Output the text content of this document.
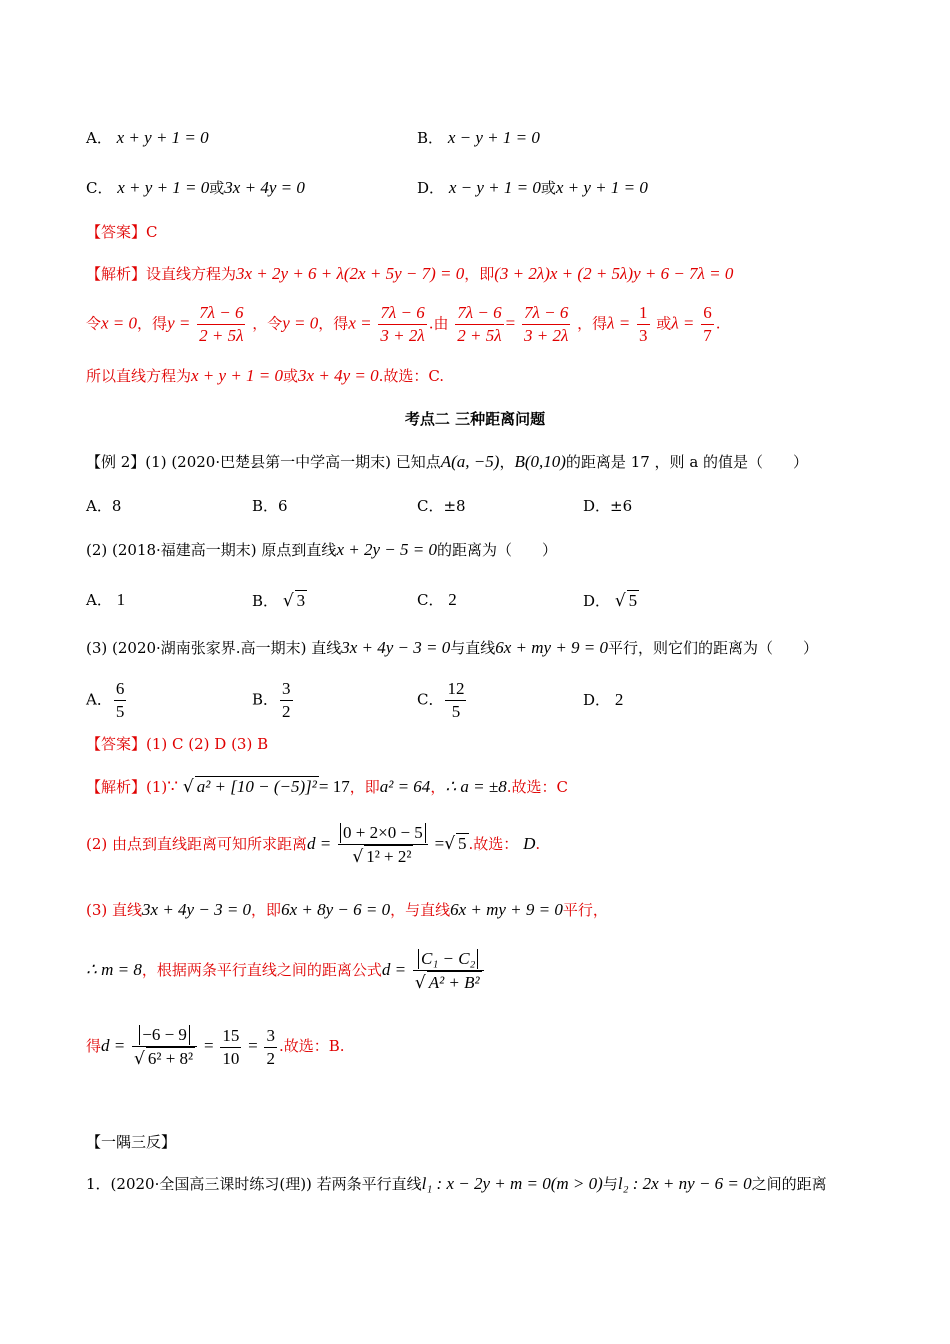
A． x + y + 1 = 0	B． x − y + 1 = 0
C． x + y + 1 = 0或3x + 4y = 0	D． x − y + 1 = 0或x + y + 1 = 0
【答案】C
【解析】设直线方程为3x + 2y + 6 + λ(2x + 5y − 7) = 0，即(3 + 2λ)x + (2 + 5λ)y + 6 − 7λ = 0
令x = 0，得$y = \frac{7\lambda - 6}{2 + 5\lambda}$ ，令y = 0，得$x = \frac{7\lambda - 6}{3 + 2\lambda}$ .由 $\frac{7\lambda - 6}{2 + 5\lambda} = \frac{7\lambda - 6}{3 + 2\lambda}$ ，得$\lambda = \frac{1}{3}$ 或$\lambda = \frac{6}{7}$ .
所以直线方程为x + y + 1 = 0或3x + 4y = 0.故选：C.
考点二 三种距离问题
【例 2】(1) (2020·巴楚县第一中学高一期末) 已知点A(a, −5)，B(0,10)的距离是 17 ，则 a 的值是（　　）
A．8	B．6	C．±8	D．±6
(2) (2018·福建高一期末) 原点到直线x + 2y − 5 = 0的距离为（　　）
A． 1	B． √ 3	C． 2	D． √ 5
(3) (2020·湖南张家界.高一期末) 直线3x + 4y − 3 = 0与直线6x + my + 9 = 0平行，则它们的距离为（　　）
A． $\frac{6}{5}$	B． $\frac{3}{2}$	C． $\frac{12}{5}$	D． 2
【答案】(1) C (2) D (3) B
【解析】(1)∵ √ a² + [10 − (−5)]² = 17，即a² = 64，∴ a = ±8.故选：C
(2) 由点到直线距离可知所求距离$d = \frac{0 + 2\times 0 - 5}{\text{√ 1² + 2²}}$ =√ 5 .故选： D.
(3) 直线3x + 4y − 3 = 0，即6x + 8y − 6 = 0，与直线6x + my + 9 = 0平行，
∴ m = 8，根据两条平行直线之间的距离公式$d = \frac{\text{C₁ − C₂}}{\text{√ A² + B²}}$
得$d = \frac{-6 - 9}{\text{√ 6² + 8²}} = \frac{15}{10} = \frac{3}{2}$ .故选：B.
【一隅三反】
1．(2020·全国高三课时练习(理)) 若两条平行直线l₁ : x − 2y + m = 0(m > 0)与l₂ : 2x + ny − 6 = 0之间的距离
